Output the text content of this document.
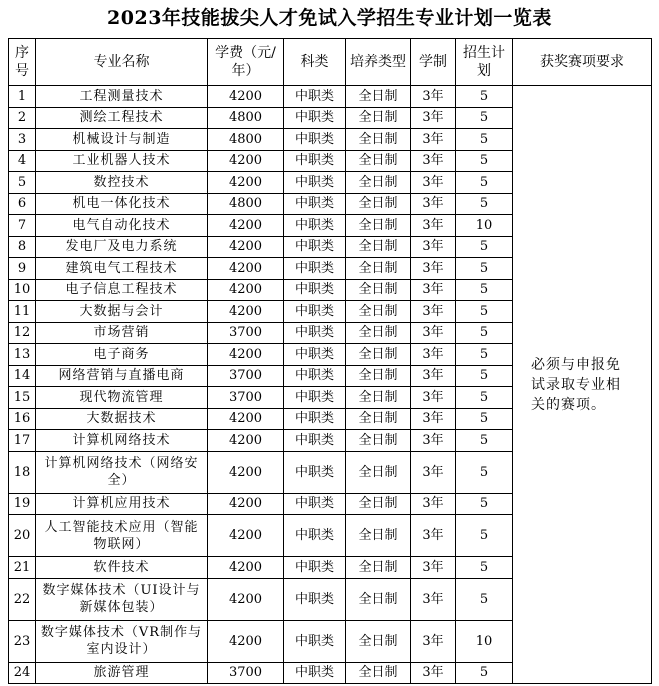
2023年技能拔尖人才免试入学招生专业计划一览表
序号	专业名称	学费（元/年）	科类	培养类型	学制	招生计划	获奖赛项要求
1	工程测量技术	4200	中职类	全日制	3年	5	必须与申报免试录取专业相关的赛项。
2	测绘工程技术	4800	中职类	全日制	3年	5	
3	机械设计与制造	4800	中职类	全日制	3年	5	
4	工业机器人技术	4200	中职类	全日制	3年	5	
5	数控技术	4200	中职类	全日制	3年	5	
6	机电一体化技术	4800	中职类	全日制	3年	5	
7	电气自动化技术	4200	中职类	全日制	3年	10	
8	发电厂及电力系统	4200	中职类	全日制	3年	5	
9	建筑电气工程技术	4200	中职类	全日制	3年	5	
10	电子信息工程技术	4200	中职类	全日制	3年	5	
11	大数据与会计	4200	中职类	全日制	3年	5	
12	市场营销	3700	中职类	全日制	3年	5	
13	电子商务	4200	中职类	全日制	3年	5	
14	网络营销与直播电商	3700	中职类	全日制	3年	5	
15	现代物流管理	3700	中职类	全日制	3年	5	
16	大数据技术	4200	中职类	全日制	3年	5	
17	计算机网络技术	4200	中职类	全日制	3年	5	
18	计算机网络技术（网络安全）	4200	中职类	全日制	3年	5	
19	计算机应用技术	4200	中职类	全日制	3年	5	
20	人工智能技术应用（智能物联网）	4200	中职类	全日制	3年	5	
21	软件技术	4200	中职类	全日制	3年	5	
22	数字媒体技术（UI设计与新媒体包装）	4200	中职类	全日制	3年	5	
23	数字媒体技术（VR制作与室内设计）	4200	中职类	全日制	3年	10	
24	旅游管理	3700	中职类	全日制	3年	5	
